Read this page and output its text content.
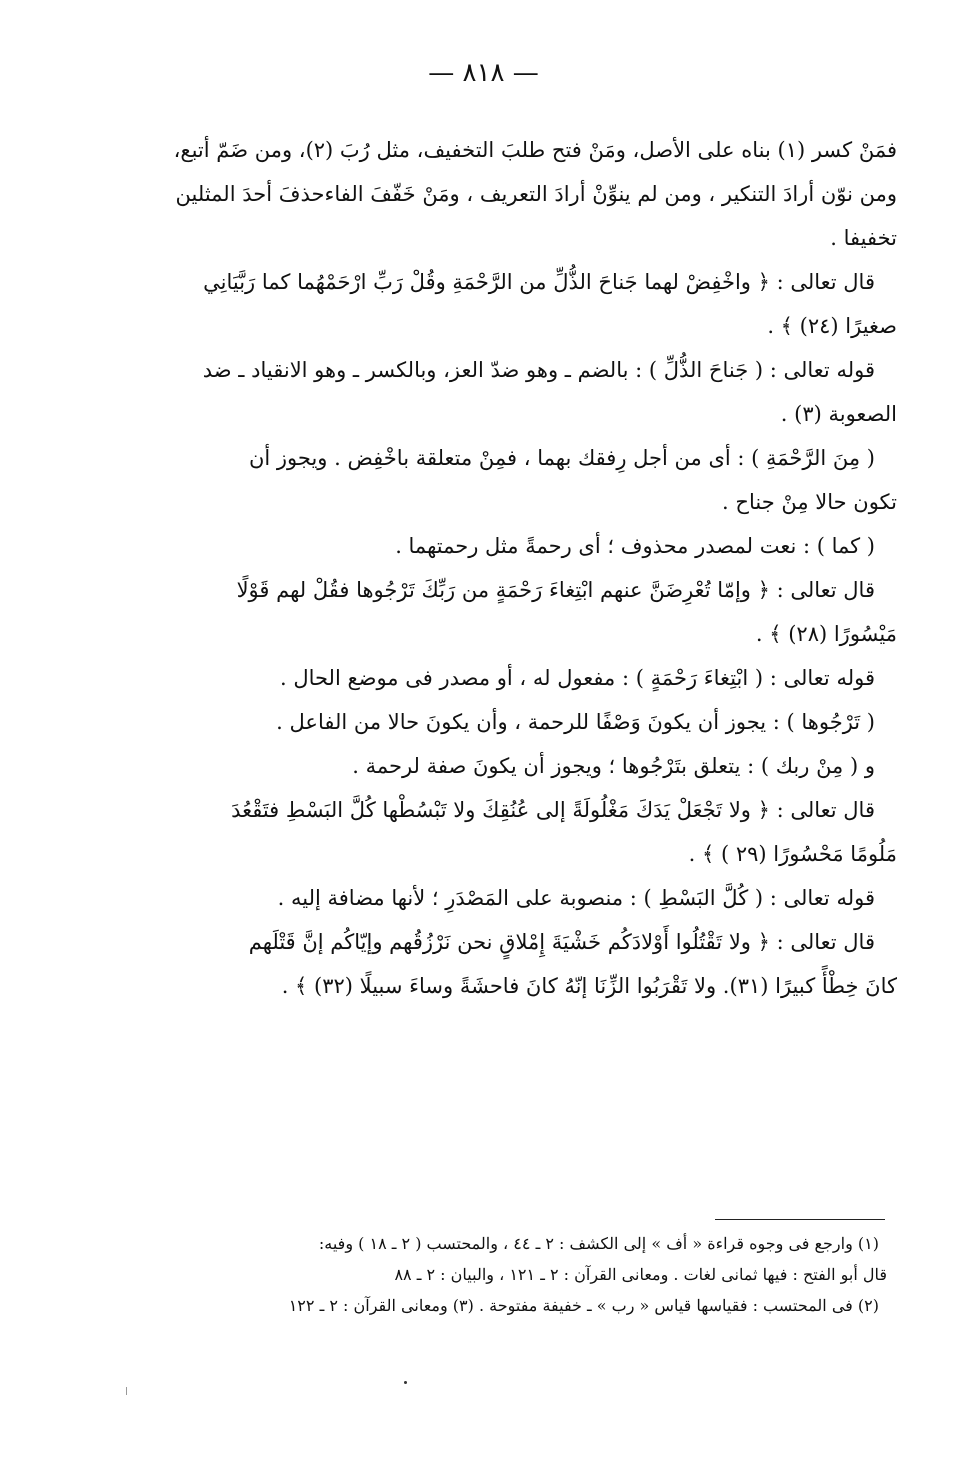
— ٨١٨ —

فمَنْ كسر (١) بناه على الأصل، ومَنْ فتح طلبَ التخفيف، مثل رُبَ (٢)، ومن ضَمّ أتبع،

ومن نوّن أرادَ التنكير ، ومن لم ينوِّنْ أرادَ التعريف ، ومَنْ خَفّفَ الفاءحذفَ أحدَ المثلين

تخفيفا .

قال تعالى : ﴿ واخْفِضْ لهما جَناحَ الذُّلِّ من الرَّحْمَةِ وقُلْ رَبِّ ارْحَمْهُما كما رَبَّيَانِي

صغيرًا (٢٤) ﴾ .

قوله تعالى : ( جَناحَ الذُّلِّ ) : بالضم ـ وهو ضدّ العز، وبالكسر ـ وهو الانقياد ـ ضد

الصعوبة (٣) .

( مِنَ الرَّحْمَةِ ) : أى من أجل رِفقك بهما ، فمِنْ متعلقة باخْفِض . ويجوز أن

تكون حالا مِنْ جناح .

( كما ) : نعت لمصدر محذوف ؛ أى رحمةً مثل رحمتهما .

قال تعالى : ﴿ وإمّا تُعْرِضَنَّ عنهم ابْتِغاءَ رَحْمَةٍ من رَبِّكَ تَرْجُوها فقُلْ لهم قَوْلًا

مَيْسُورًا (٢٨) ﴾ .

قوله تعالى : ( ابْتِغاءَ رَحْمَةٍ ) : مفعول له ، أو مصدر فى موضع الحال .

( تَرْجُوها ) : يجوز أن يكونَ وَصْفًا للرحمة ، وأن يكونَ حالا من الفاعل .

و ( مِنْ ربك ) : يتعلق بتَرْجُوها ؛ ويجوز أن يكونَ صفة لرحمة .

قال تعالى : ﴿ ولا تَجْعَلْ يَدَكَ مَغْلُولَةً إلى عُنُقِكَ ولا تَبْسُطْها كُلَّ البَسْطِ فتَقْعُدَ

مَلُومًا مَحْسُورًا (٢٩ ) ﴾ .

قوله تعالى : ( كُلَّ البَسْطِ ) : منصوبة على المَصْدَرِ ؛ لأنها مضافة إليه .

قال تعالى : ﴿ ولا تَقْتُلُوا أَوْلادَكُم خَشْيَةَ إِمْلاقٍ نحن نَرْزُقُهم وإيّاكُم إنَّ قَتْلَهم

كانَ خِطْأً كبيرًا (٣١). ولا تَقْرَبُوا الزِّنَا إنّهُ كانَ فاحشَةً وساءَ سبيلًا (٣٢) ﴾ .

(١) وارجع فى وجوه قراءة « أف » إلى الكشف : ٢ ـ ٤٤ ، والمحتسب ( ٢ ـ ١٨ ) وفيه:
قال أبو الفتح : فيها ثمانى لغات . ومعانى القرآن : ٢ ـ ١٢١ ، والبيان : ٢ ـ ٨٨
(٢) فى المحتسب : فقياسها قياس « رب » ـ خفيفة مفتوحة . (٣) ومعانى القرآن : ٢ ـ ١٢٢
